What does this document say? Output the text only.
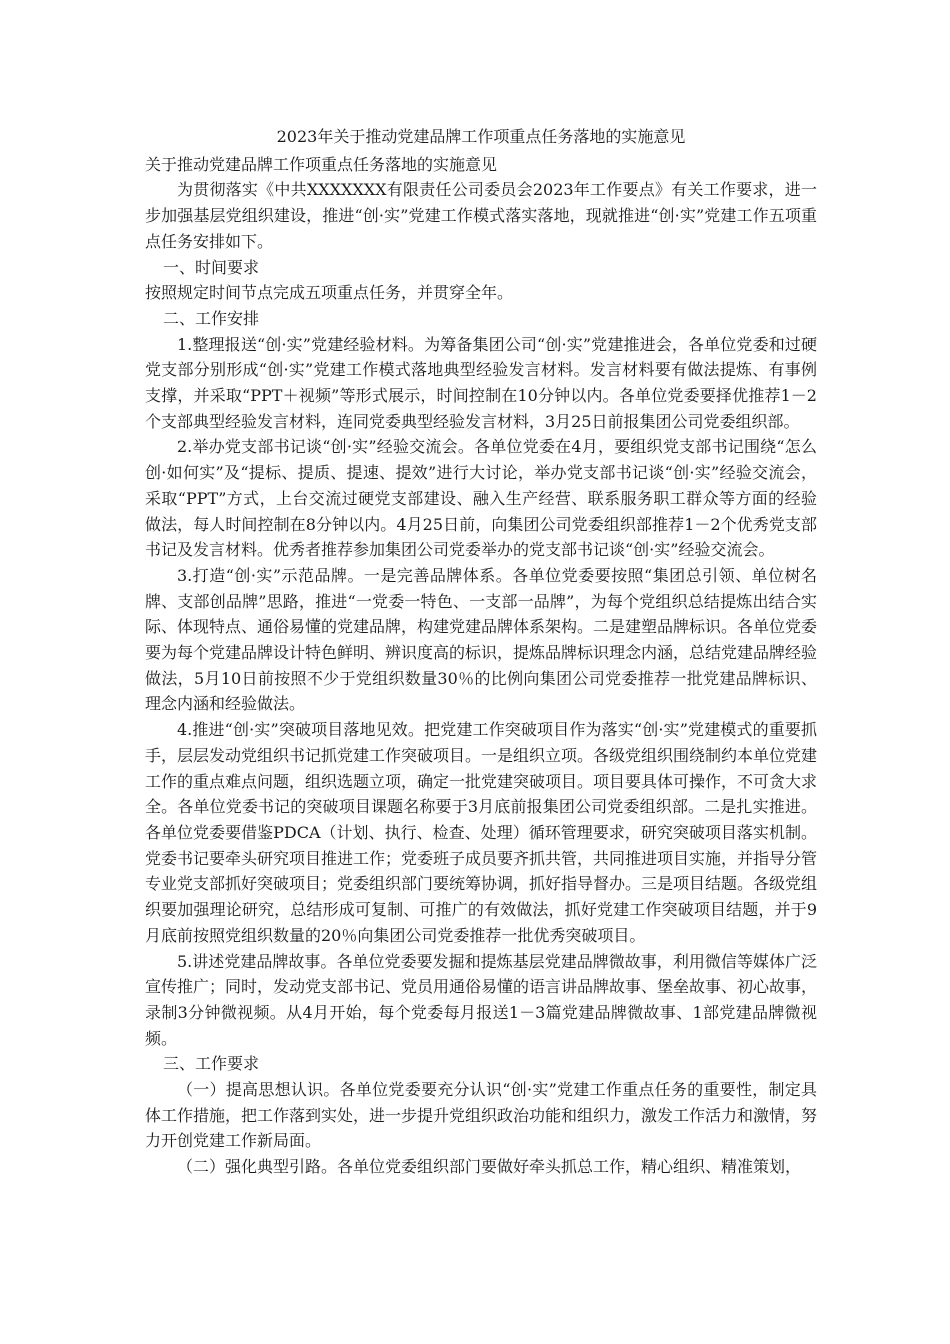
2023年关于推动党建品牌工作项重点任务落地的实施意见

关于推动党建品牌工作项重点任务落地的实施意见

为贯彻落实《中共XXXXXXX有限责任公司委员会2023年工作要点》有关工作要求，进一步加强基层党组织建设，推进“创·实”党建工作模式落实落地，现就推进“创·实”党建工作五项重点任务安排如下。

一、时间要求

按照规定时间节点完成五项重点任务，并贯穿全年。

二、工作安排

1.整理报送“创·实”党建经验材料。为筹备集团公司“创·实”党建推进会，各单位党委和过硬党支部分别形成“创·实”党建工作模式落地典型经验发言材料。发言材料要有做法提炼、有事例支撑，并采取“PPT＋视频”等形式展示，时间控制在10分钟以内。各单位党委要择优推荐1－2个支部典型经验发言材料，连同党委典型经验发言材料，3月25日前报集团公司党委组织部。

2.举办党支部书记谈“创·实”经验交流会。各单位党委在4月，要组织党支部书记围绕“怎么创·如何实”及“提标、提质、提速、提效”进行大讨论，举办党支部书记谈“创·实”经验交流会，采取“PPT”方式，上台交流过硬党支部建设、融入生产经营、联系服务职工群众等方面的经验做法，每人时间控制在8分钟以内。4月25日前，向集团公司党委组织部推荐1－2个优秀党支部书记及发言材料。优秀者推荐参加集团公司党委举办的党支部书记谈“创·实”经验交流会。

3.打造“创·实”示范品牌。一是完善品牌体系。各单位党委要按照“集团总引领、单位树名牌、支部创品牌”思路，推进“一党委一特色、一支部一品牌”，为每个党组织总结提炼出结合实际、体现特点、通俗易懂的党建品牌，构建党建品牌体系架构。二是建塑品牌标识。各单位党委要为每个党建品牌设计特色鲜明、辨识度高的标识，提炼品牌标识理念内涵，总结党建品牌经验做法，5月10日前按照不少于党组织数量30％的比例向集团公司党委推荐一批党建品牌标识、理念内涵和经验做法。

4.推进“创·实”突破项目落地见效。把党建工作突破项目作为落实“创·实”党建模式的重要抓手，层层发动党组织书记抓党建工作突破项目。一是组织立项。各级党组织围绕制约本单位党建工作的重点难点问题，组织选题立项，确定一批党建突破项目。项目要具体可操作，不可贪大求全。各单位党委书记的突破项目课题名称要于3月底前报集团公司党委组织部。二是扎实推进。各单位党委要借鉴PDCA（计划、执行、检查、处理）循环管理要求，研究突破项目落实机制。党委书记要牵头研究项目推进工作；党委班子成员要齐抓共管，共同推进项目实施，并指导分管专业党支部抓好突破项目；党委组织部门要统筹协调，抓好指导督办。三是项目结题。各级党组织要加强理论研究，总结形成可复制、可推广的有效做法，抓好党建工作突破项目结题，并于9月底前按照党组织数量的20％向集团公司党委推荐一批优秀突破项目。

5.讲述党建品牌故事。各单位党委要发掘和提炼基层党建品牌微故事，利用微信等媒体广泛宣传推广；同时，发动党支部书记、党员用通俗易懂的语言讲品牌故事、堡垒故事、初心故事，录制3分钟微视频。从4月开始，每个党委每月报送1－3篇党建品牌微故事、1部党建品牌微视频。

三、工作要求

（一）提高思想认识。各单位党委要充分认识“创·实”党建工作重点任务的重要性，制定具体工作措施，把工作落到实处，进一步提升党组织政治功能和组织力，激发工作活力和激情，努力开创党建工作新局面。

（二）强化典型引路。各单位党委组织部门要做好牵头抓总工作，精心组织、精准策划，
